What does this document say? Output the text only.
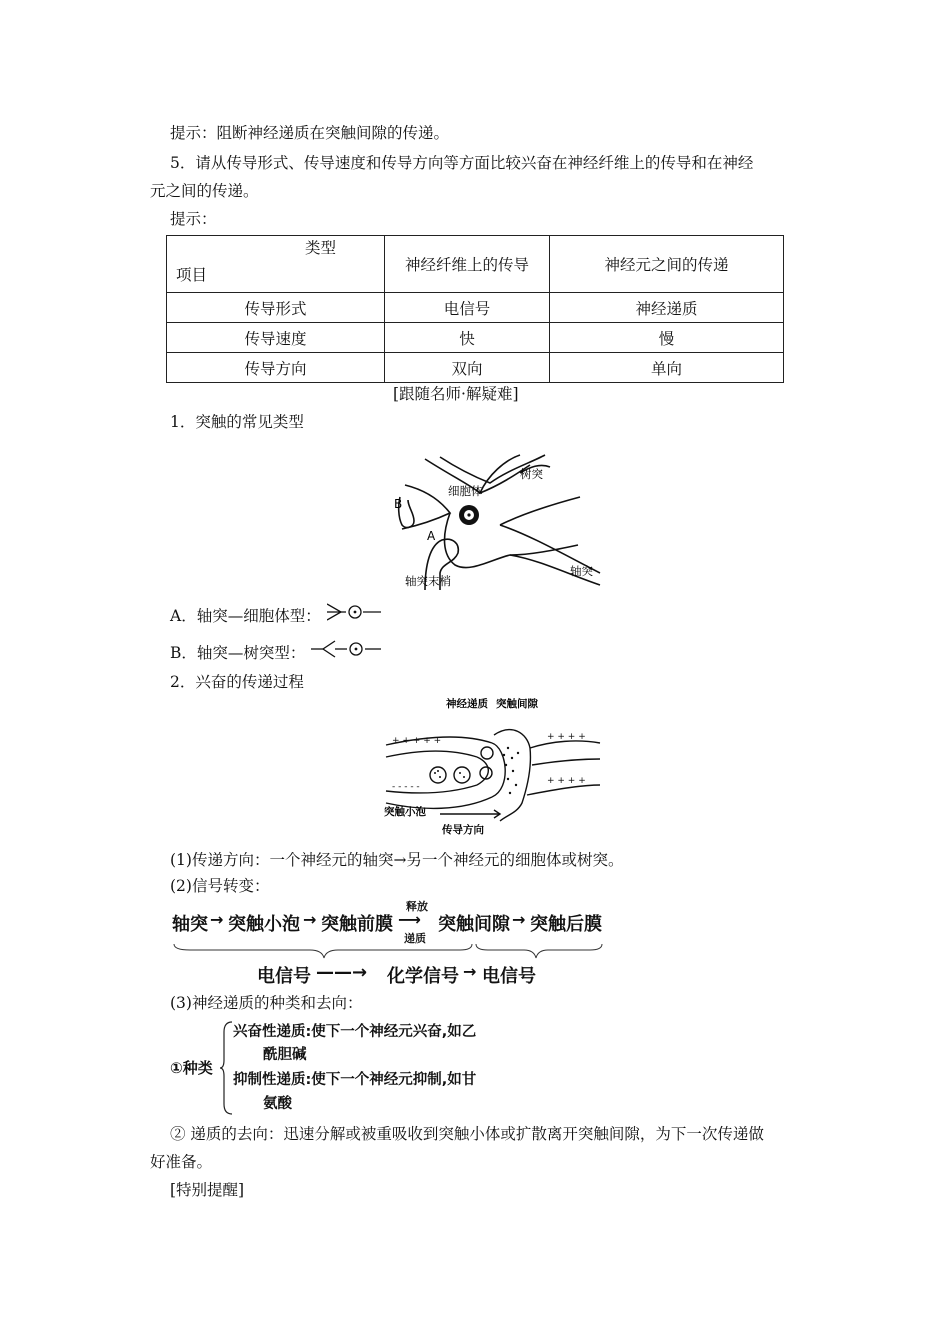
提示：阻断神经递质在突触间隙的传递。
5．请从传导形式、传导速度和传导方向等方面比较兴奋在神经纤维上的传导和在神经
元之间的传递。
提示：
类型
项目	神经纤维上的传导	神经元之间的传递
传导形式	电信号	神经递质
传导速度	快	慢
传导方向	双向	单向
[跟随名师·解疑难]
1．突触的常见类型
B
A
细胞体
树突
轴突
轴突末梢
A．轴突—细胞体型：
B．轴突—树突型：
2．兴奋的传递过程
+ + + + +	+ + + +
- - - - -
+ + + +
神经递质 突触间隙
突触小泡
传导方向
(1)传递方向：一个神经元的轴突→另一个神经元的细胞体或树突。
(2)信号转变：
轴突 → 突触小泡 → 突触前膜
释放
⟶
递质
突触间隙 → 突触后膜
电信号 ——→ 化学信号 → 电信号
(3)神经递质的种类和去向：
①种类
兴奋性递质:使下一个神经元兴奋,如乙
酰胆碱
抑制性递质:使下一个神经元抑制,如甘
氨酸
② 递质的去向：迅速分解或被重吸收到突触小体或扩散离开突触间隙，为下一次传递做
好准备。
[特别提醒]
